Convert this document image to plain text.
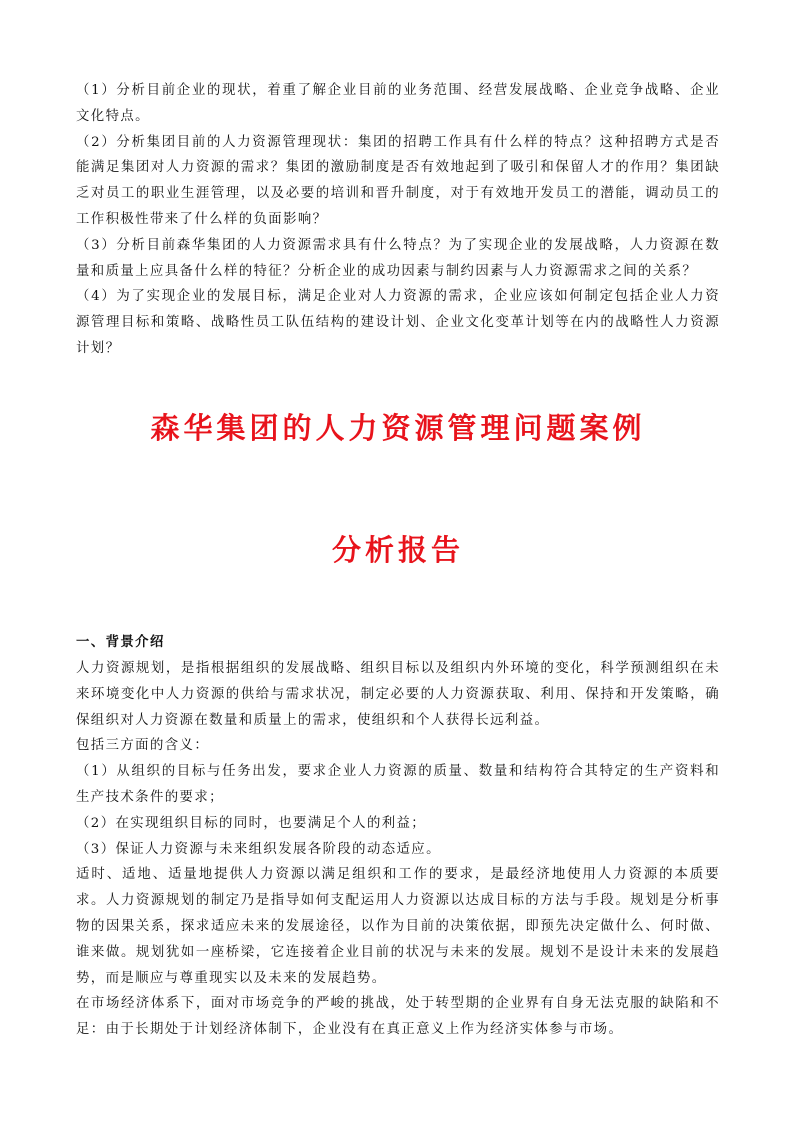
（1）分析目前企业的现状，着重了解企业目前的业务范围、经营发展战略、企业竞争战略、企业文化特点。

（2）分析集团目前的人力资源管理现状：集团的招聘工作具有什么样的特点？这种招聘方式是否能满足集团对人力资源的需求？集团的激励制度是否有效地起到了吸引和保留人才的作用？集团缺乏对员工的职业生涯管理，以及必要的培训和晋升制度，对于有效地开发员工的潜能，调动员工的工作积极性带来了什么样的负面影响？

（3）分析目前森华集团的人力资源需求具有什么特点？为了实现企业的发展战略，人力资源在数量和质量上应具备什么样的特征？分析企业的成功因素与制约因素与人力资源需求之间的关系？

（4）为了实现企业的发展目标，满足企业对人力资源的需求，企业应该如何制定包括企业人力资源管理目标和策略、战略性员工队伍结构的建设计划、企业文化变革计划等在内的战略性人力资源计划？

森华集团的人力资源管理问题案例
分析报告
一、背景介绍

人力资源规划，是指根据组织的发展战略、组织目标以及组织内外环境的变化，科学预测组织在未来环境变化中人力资源的供给与需求状况，制定必要的人力资源获取、利用、保持和开发策略，确保组织对人力资源在数量和质量上的需求，使组织和个人获得长远利益。

包括三方面的含义：

（1）从组织的目标与任务出发，要求企业人力资源的质量、数量和结构符合其特定的生产资料和生产技术条件的要求；

（2）在实现组织目标的同时，也要满足个人的利益；

（3）保证人力资源与未来组织发展各阶段的动态适应。

适时、适地、适量地提供人力资源以满足组织和工作的要求，是最经济地使用人力资源的本质要求。人力资源规划的制定乃是指导如何支配运用人力资源以达成目标的方法与手段。规划是分析事物的因果关系，探求适应未来的发展途径，以作为目前的决策依据，即预先决定做什么、何时做、谁来做。规划犹如一座桥梁，它连接着企业目前的状况与未来的发展。规划不是设计未来的发展趋势，而是顺应与尊重现实以及未来的发展趋势。

在市场经济体系下，面对市场竞争的严峻的挑战，处于转型期的企业界有自身无法克服的缺陷和不足：由于长期处于计划经济体制下，企业没有在真正意义上作为经济实体参与市场。
